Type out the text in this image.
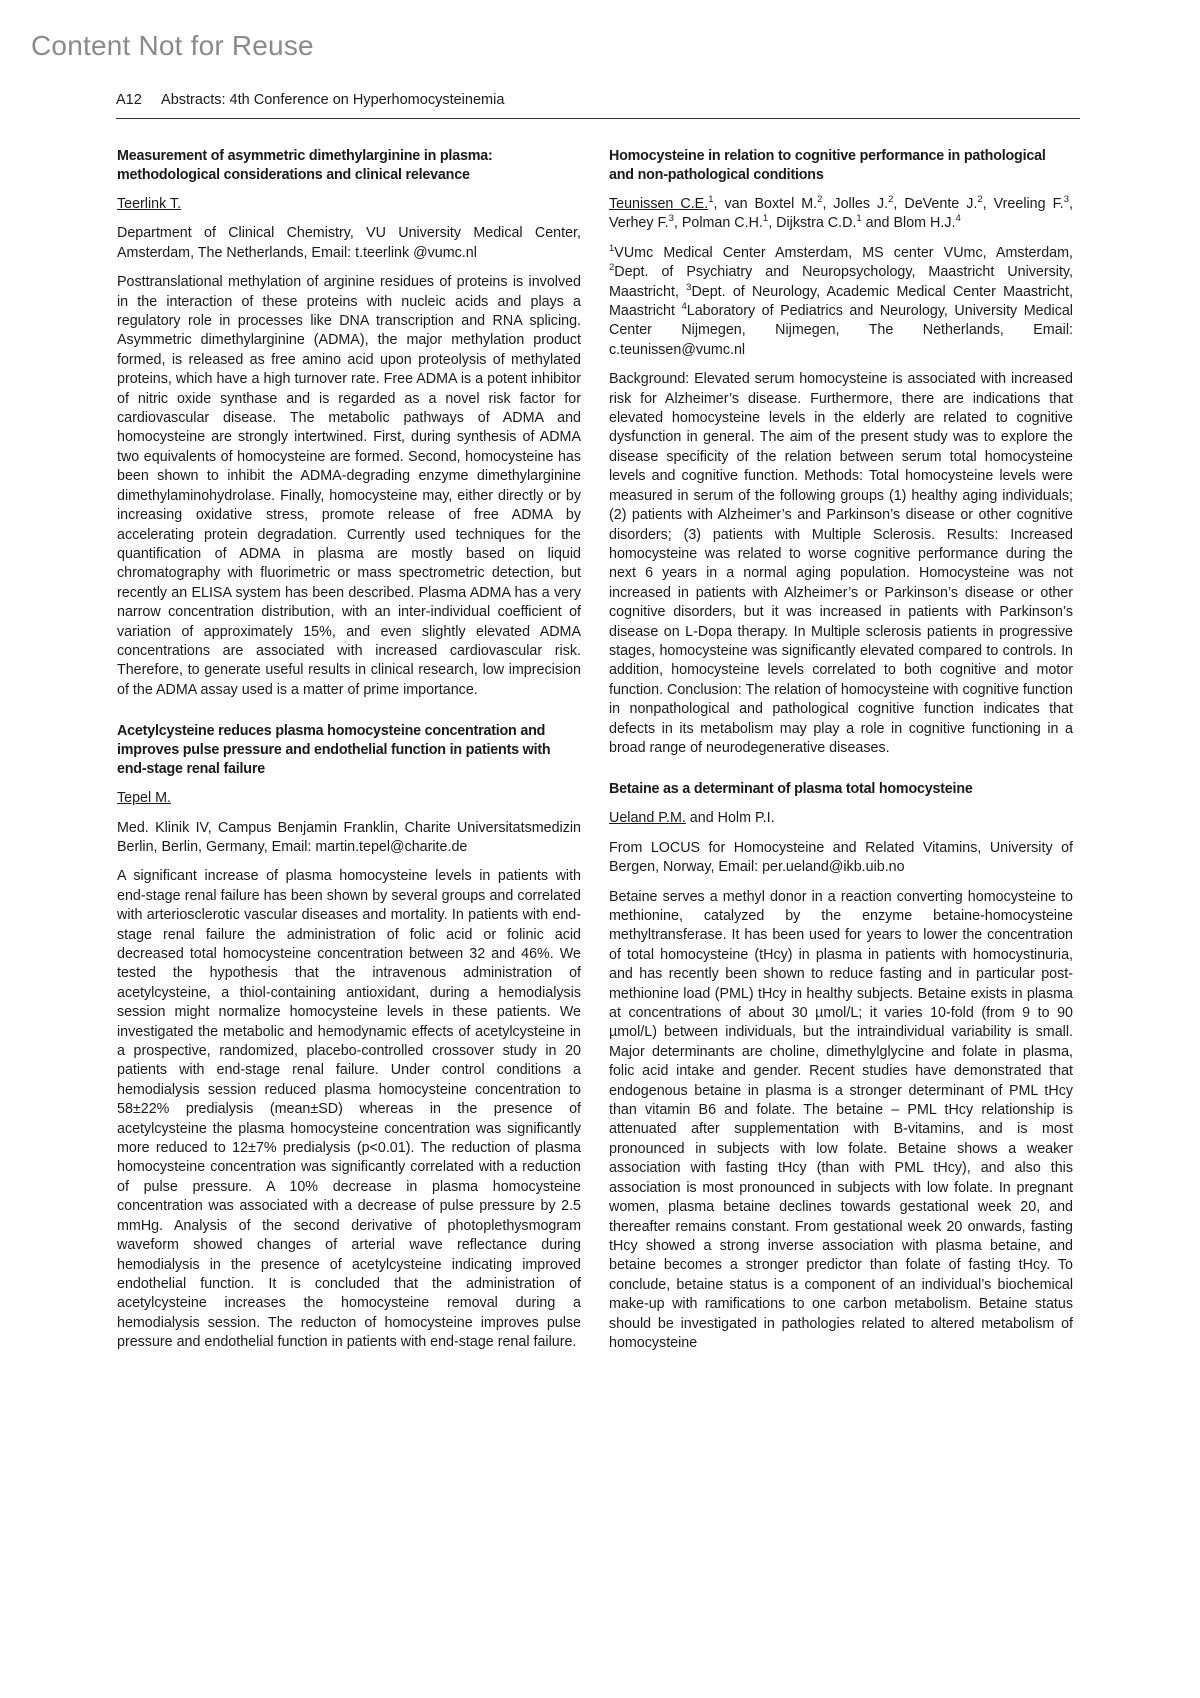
Content Not for Reuse
A12 Abstracts: 4th Conference on Hyperhomocysteinemia
Measurement of asymmetric dimethylarginine in plasma: methodological considerations and clinical relevance

Teerlink T.

Department of Clinical Chemistry, VU University Medical Center, Amsterdam, The Netherlands, Email: t.teerlink @vumc.nl

Posttranslational methylation of arginine residues of proteins is involved in the interaction of these proteins with nucleic acids and plays a regulatory role in processes like DNA transcription and RNA splicing. Asymmetric dimethylarginine (ADMA), the major methylation product formed, is released as free amino acid upon proteolysis of methylated proteins, which have a high turnover rate. Free ADMA is a potent inhibitor of nitric oxide synthase and is regarded as a novel risk factor for cardiovascular disease. The metabolic pathways of ADMA and homocysteine are strongly intertwined. First, during synthesis of ADMA two equivalents of homocysteine are formed. Second, homocysteine has been shown to inhibit the ADMA-degrading enzyme dimethylarginine dimethylaminohydrolase. Finally, homocysteine may, either directly or by increasing oxidative stress, promote release of free ADMA by accelerating protein degradation. Currently used techniques for the quantification of ADMA in plasma are mostly based on liquid chromatography with fluorimetric or mass spectrometric detection, but recently an ELISA system has been described. Plasma ADMA has a very narrow concentration distribution, with an inter-individual coefficient of variation of approximately 15%, and even slightly elevated ADMA concentrations are associated with increased cardiovascular risk. Therefore, to generate useful results in clinical research, low imprecision of the ADMA assay used is a matter of prime importance.

Acetylcysteine reduces plasma homocysteine concentration and improves pulse pressure and endothelial function in patients with end-stage renal failure

Tepel M.

Med. Klinik IV, Campus Benjamin Franklin, Charite Universitatsmedizin Berlin, Berlin, Germany, Email: martin.tepel@charite.de

A significant increase of plasma homocysteine levels in patients with end-stage renal failure has been shown by several groups and correlated with arteriosclerotic vascular diseases and mortality. In patients with end-stage renal failure the administration of folic acid or folinic acid decreased total homocysteine concentration between 32 and 46%. We tested the hypothesis that the intravenous administration of acetylcysteine, a thiol-containing antioxidant, during a hemodialysis session might normalize homocysteine levels in these patients. We investigated the metabolic and hemodynamic effects of acetylcysteine in a prospective, randomized, placebo-controlled crossover study in 20 patients with end-stage renal failure. Under control conditions a hemodialysis session reduced plasma homocysteine concentration to 58±22% predialysis (mean±SD) whereas in the presence of acetylcysteine the plasma homocysteine concentration was significantly more reduced to 12±7% predialysis (p<0.01). The reduction of plasma homocysteine concentration was significantly correlated with a reduction of pulse pressure. A 10% decrease in plasma homocysteine concentration was associated with a decrease of pulse pressure by 2.5 mmHg. Analysis of the second derivative of photoplethysmogram waveform showed changes of arterial wave reflectance during hemodialysis in the presence of acetylcysteine indicating improved endothelial function. It is concluded that the administration of acetylcysteine increases the homocysteine removal during a hemodialysis session. The reducton of homocysteine improves pulse pressure and endothelial function in patients with end-stage renal failure.

Homocysteine in relation to cognitive performance in pathological and non-pathological conditions

Teunissen C.E.$^1$, van Boxtel M.$^2$, Jolles J.$^2$, DeVente J.$^2$, Vreeling F.$^3$, Verhey F.$^3$, Polman C.H.$^1$, Dijkstra C.D.$^1$ and Blom H.J.$^4$

$^1$VUmc Medical Center Amsterdam, MS center VUmc, Amsterdam, $^2$Dept. of Psychiatry and Neuropsychology, Maastricht University, Maastricht, $^3$Dept. of Neurology, Academic Medical Center Maastricht, Maastricht $^4$Laboratory of Pediatrics and Neurology, University Medical Center Nijmegen, Nijmegen, The Netherlands, Email: c.teunissen@vumc.nl

Background: Elevated serum homocysteine is associated with increased risk for Alzheimer’s disease. Furthermore, there are indications that elevated homocysteine levels in the elderly are related to cognitive dysfunction in general. The aim of the present study was to explore the disease specificity of the relation between serum total homocysteine levels and cognitive function. Methods: Total homocysteine levels were measured in serum of the following groups (1) healthy aging individuals; (2) patients with Alzheimer’s and Parkinson’s disease or other cognitive disorders; (3) patients with Multiple Sclerosis. Results: Increased homocysteine was related to worse cognitive performance during the next 6 years in a normal aging population. Homocysteine was not increased in patients with Alzheimer’s or Parkinson’s disease or other cognitive disorders, but it was increased in patients with Parkinson’s disease on L-Dopa therapy. In Multiple sclerosis patients in progressive stages, homocysteine was significantly elevated compared to controls. In addition, homocysteine levels correlated to both cognitive and motor function. Conclusion: The relation of homocysteine with cognitive function in nonpathological and pathological cognitive function indicates that defects in its metabolism may play a role in cognitive functioning in a broad range of neurodegenerative diseases.

Betaine as a determinant of plasma total homocysteine

Ueland P.M. and Holm P.I.

From LOCUS for Homocysteine and Related Vitamins, University of Bergen, Norway, Email: per.ueland@ikb.uib.no

Betaine serves a methyl donor in a reaction converting homocysteine to methionine, catalyzed by the enzyme betaine-homocysteine methyltransferase. It has been used for years to lower the concentration of total homocysteine (tHcy) in plasma in patients with homocystinuria, and has recently been shown to reduce fasting and in particular post-methionine load (PML) tHcy in healthy subjects. Betaine exists in plasma at concentrations of about 30 µmol/L; it varies 10-fold (from 9 to 90 µmol/L) between individuals, but the intraindividual variability is small. Major determinants are choline, dimethylglycine and folate in plasma, folic acid intake and gender. Recent studies have demonstrated that endogenous betaine in plasma is a stronger determinant of PML tHcy than vitamin B6 and folate. The betaine – PML tHcy relationship is attenuated after supplementation with B-vitamins, and is most pronounced in subjects with low folate. Betaine shows a weaker association with fasting tHcy (than with PML tHcy), and also this association is most pronounced in subjects with low folate. In pregnant women, plasma betaine declines towards gestational week 20, and thereafter remains constant. From gestational week 20 onwards, fasting tHcy showed a strong inverse association with plasma betaine, and betaine becomes a stronger predictor than folate of fasting tHcy. To conclude, betaine status is a component of an individual’s biochemical make-up with ramifications to one carbon metabolism. Betaine status should be investigated in pathologies related to altered metabolism of homocysteine
